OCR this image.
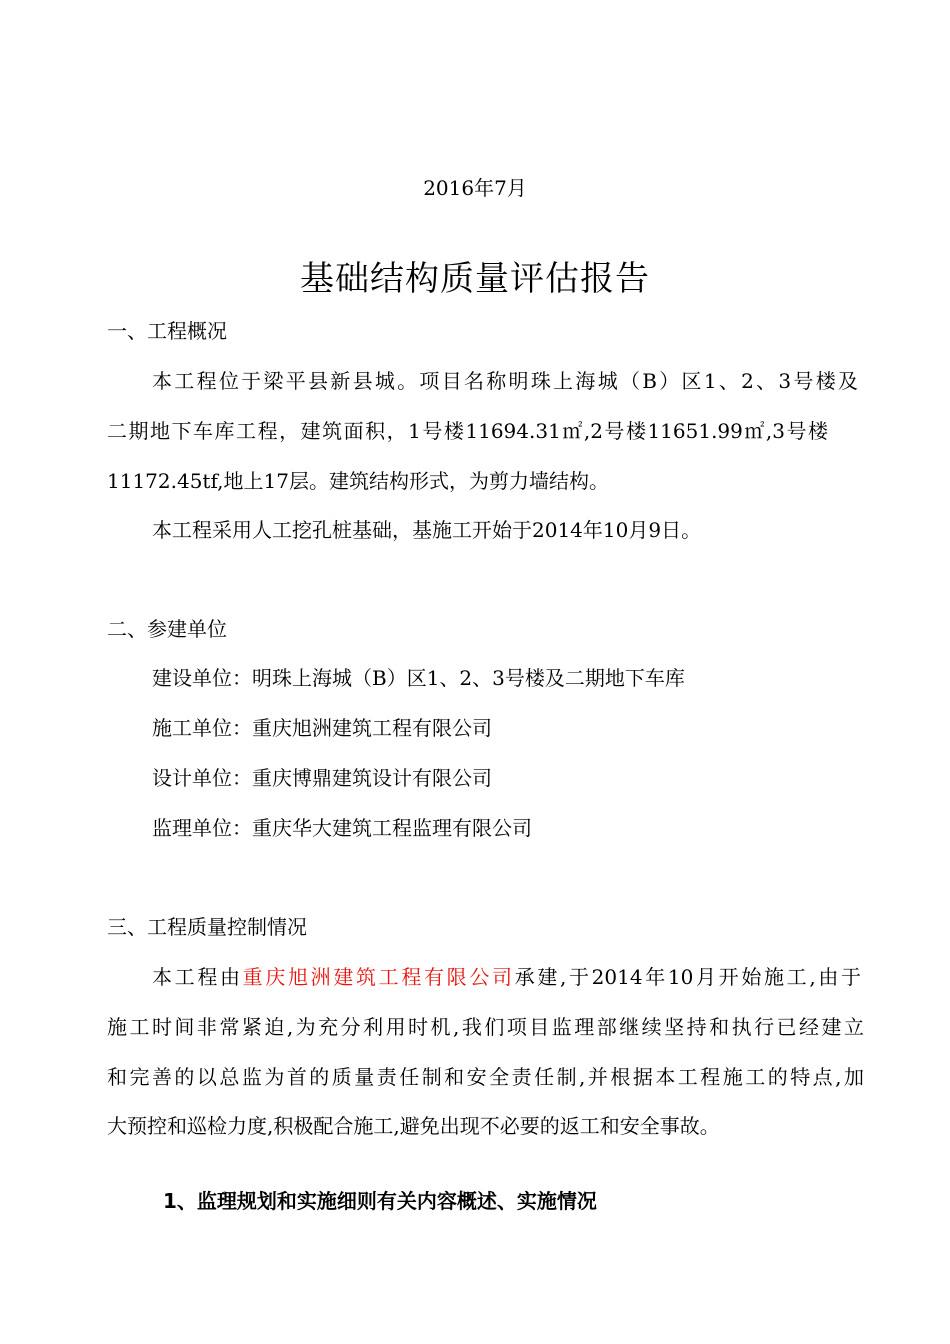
2016年7月
基础结构质量评估报告
一、工程概况
本工程位于梁平县新县城。项目名称明珠上海城（B）区1、2、3号楼及
二期地下车库工程，建筑面积，1号楼11694.31㎡,2号楼11651.99㎡,3号楼
11172.45tf,地上17层。建筑结构形式，为剪力墙结构。
本工程采用人工挖孔桩基础，基施工开始于2014年10月9日。
二、参建单位
建设单位：明珠上海城（B）区1、2、3号楼及二期地下车库
施工单位：重庆旭洲建筑工程有限公司
设计单位：重庆博鼎建筑设计有限公司
监理单位：重庆华大建筑工程监理有限公司
三、工程质量控制情况
本工程由重庆旭洲建筑工程有限公司承建,于2014年10月开始施工,由于
施工时间非常紧迫,为充分利用时机,我们项目监理部继续坚持和执行已经建立
和完善的以总监为首的质量责任制和安全责任制,并根据本工程施工的特点,加
大预控和巡检力度,积极配合施工,避免出现不必要的返工和安全事故。
1、监理规划和实施细则有关内容概述、实施情况
